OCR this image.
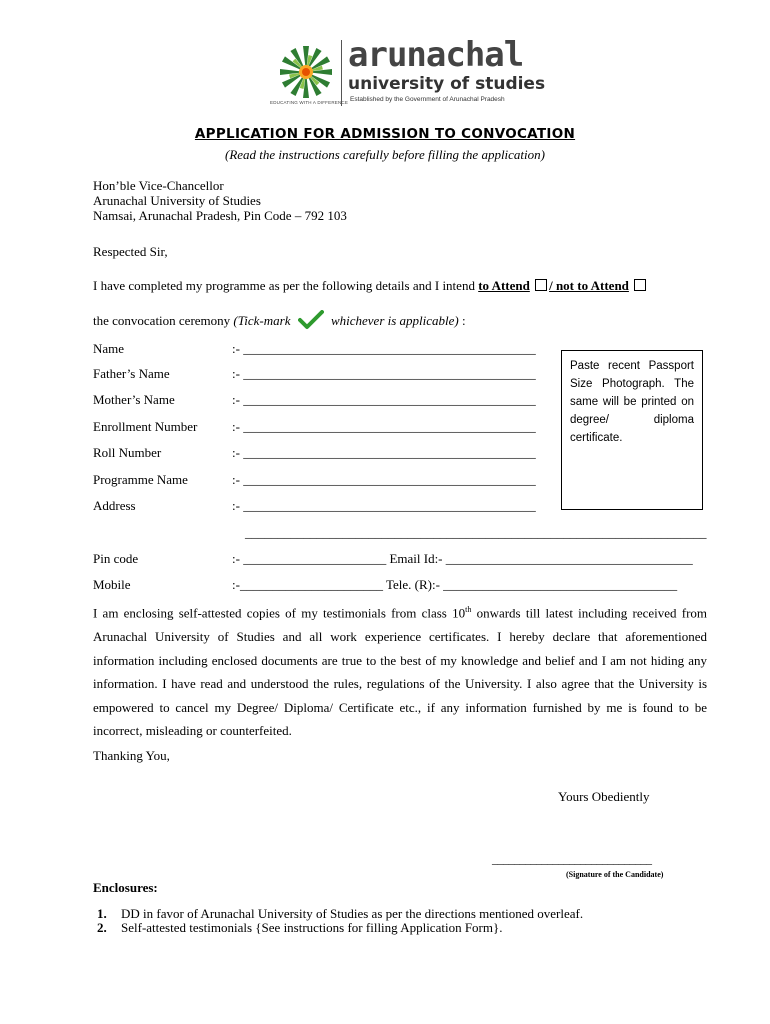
arunachal
university of studies
Established by the Government of Arunachal Pradesh
EDUCATING WITH A DIFFERENCE
APPLICATION FOR ADMISSION TO CONVOCATION
(Read the instructions carefully before filling the application)
Hon’ble Vice-Chancellor
Arunachal University of Studies
Namsai, Arunachal Pradesh, Pin Code – 792 103
Respected Sir,
I have completed my programme as per the following details and I intend to Attend / not to Attend
the convocation ceremony (Tick-mark	whichever is applicable) :
Name	:- _____________________________________________
Father’s Name	:- _____________________________________________
Mother’s Name	:- _____________________________________________
Enrollment Number	:- _____________________________________________
Roll Number	:- _____________________________________________
Programme Name	:- _____________________________________________
Address	:- _____________________________________________
_______________________________________________________________________
Pin code	:- ______________________ Email Id:- ______________________________________
Mobile	:-______________________ Tele. (R):- ____________________________________
Paste recent Passport Size Photograph. The same will be printed on degree/ diploma certificate.
I am enclosing self-attested copies of my testimonials from class 10th onwards till latest including received from Arunachal University of Studies and all work experience certificates. I hereby declare that aforementioned information including enclosed documents are true to the best of my knowledge and belief and I am not hiding any information. I have read and understood the rules, regulations of the University. I also agree that the University is empowered to cancel my Degree/ Diploma/ Certificate etc., if any information furnished by me is found to be incorrect, misleading or counterfeited.
Thanking You,
Yours Obediently
_____________________________
(Signature of the Candidate)
Enclosures:
1. DD in favor of Arunachal University of Studies as per the directions mentioned overleaf.
2. Self-attested testimonials {See instructions for filling Application Form}.
